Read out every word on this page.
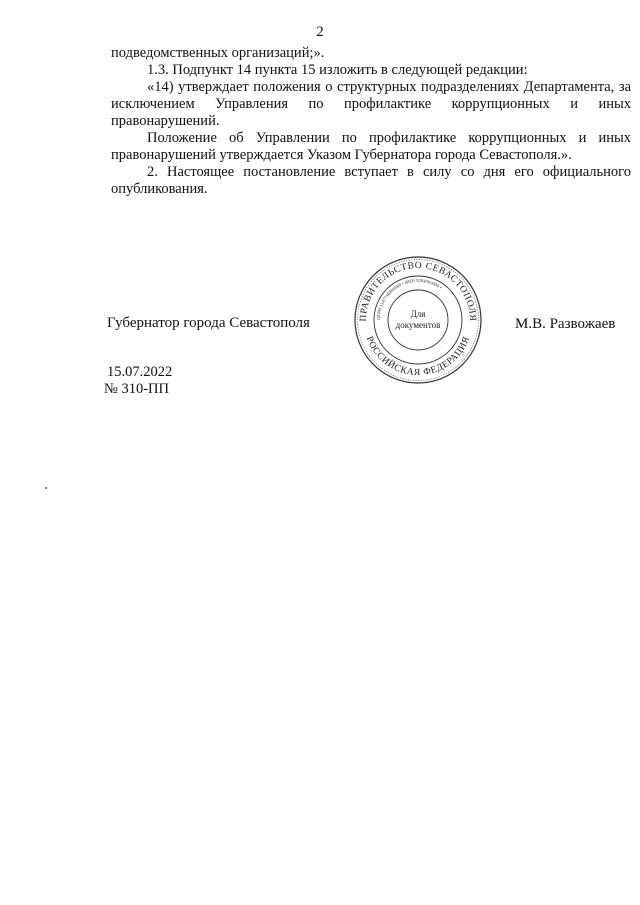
2

подведомственных организаций;».

1.3. Подпункт 14 пункта 15 изложить в следующей редакции:

«14) утверждает положения о структурных подразделениях Департамента, за исключением Управления по профилактике коррупционных и иных правонарушений.

Положение об Управлении по профилактике коррупционных и иных правонарушений утверждается Указом Губернатора города Севастополя.».

2. Настоящее постановление вступает в силу со дня его официального опубликования.

Губернатор города Севастополя	ПРАВИТЕЛЬСТВО СЕВАСТОПОЛЯ
РОССИЙСКАЯ ФЕДЕРАЦИЯ
ОГРН 1147746000000 • ИНН 9204000000 •
Для
документов	М.В. Развожаев
15.07.2022
№ 310-ПП
